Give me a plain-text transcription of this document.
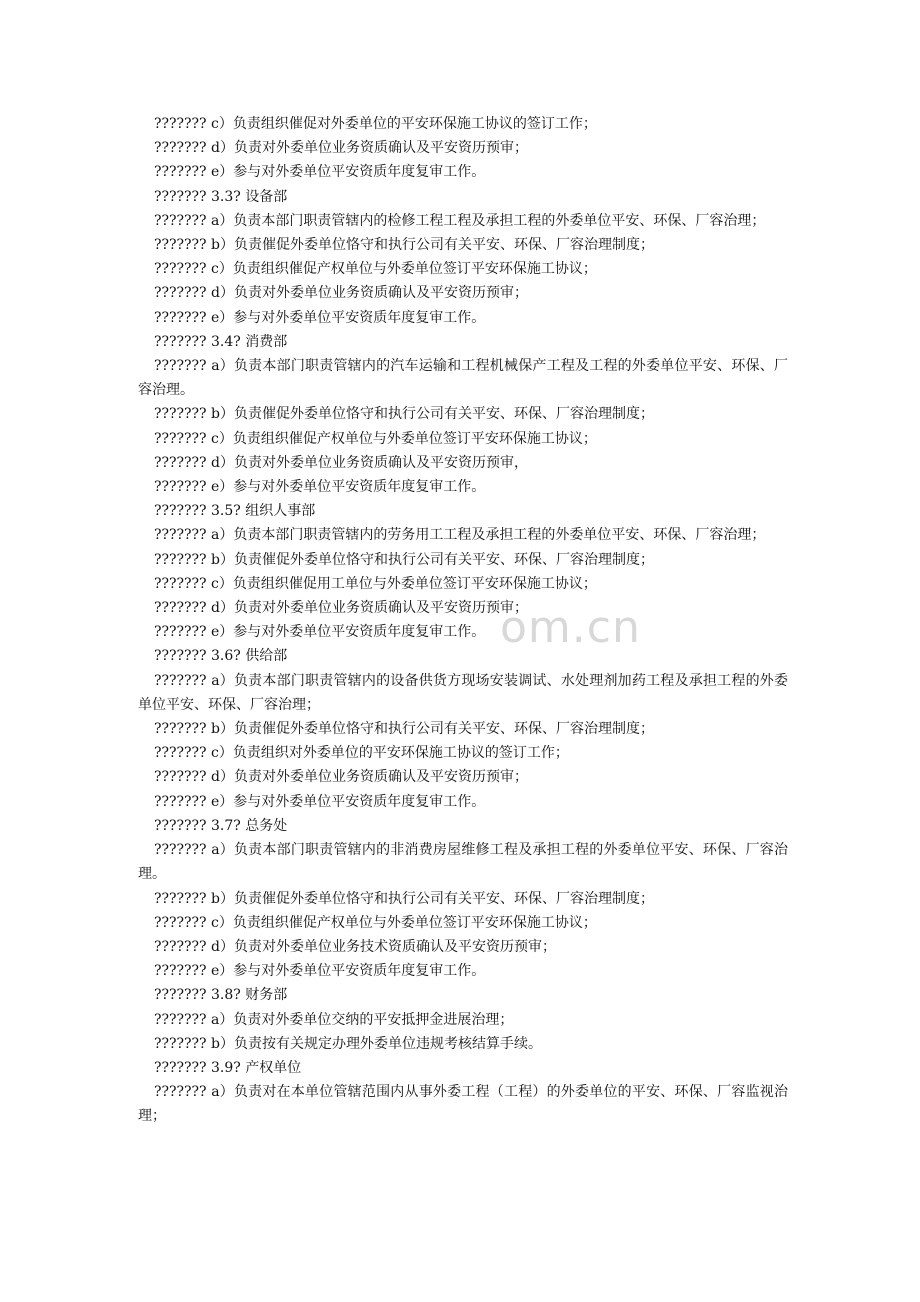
??????? c）负责组织催促对外委单位的平安环保施工协议的签订工作；

??????? d）负责对外委单位业务资质确认及平安资历预审；

??????? e）参与对外委单位平安资质年度复审工作。

??????? 3.3? 设备部

??????? a）负责本部门职责管辖内的检修工程工程及承担工程的外委单位平安、环保、厂容治理；

??????? b）负责催促外委单位恪守和执行公司有关平安、环保、厂容治理制度；

??????? c）负责组织催促产权单位与外委单位签订平安环保施工协议；

??????? d）负责对外委单位业务资质确认及平安资历预审；

??????? e）参与对外委单位平安资质年度复审工作。

??????? 3.4? 消费部

??????? a）负责本部门职责管辖内的汽车运输和工程机械保产工程及工程的外委单位平安、环保、厂容治理。

??????? b）负责催促外委单位恪守和执行公司有关平安、环保、厂容治理制度；

??????? c）负责组织催促产权单位与外委单位签订平安环保施工协议；

??????? d）负责对外委单位业务资质确认及平安资历预审，

??????? e）参与对外委单位平安资质年度复审工作。

??????? 3.5? 组织人事部

??????? a）负责本部门职责管辖内的劳务用工工程及承担工程的外委单位平安、环保、厂容治理；

??????? b）负责催促外委单位恪守和执行公司有关平安、环保、厂容治理制度；

??????? c）负责组织催促用工单位与外委单位签订平安环保施工协议；

??????? d）负责对外委单位业务资质确认及平安资历预审；

??????? e）参与对外委单位平安资质年度复审工作。

??????? 3.6? 供给部

??????? a）负责本部门职责管辖内的设备供货方现场安装调试、水处理剂加药工程及承担工程的外委单位平安、环保、厂容治理；

??????? b）负责催促外委单位恪守和执行公司有关平安、环保、厂容治理制度；

??????? c）负责组织对外委单位的平安环保施工协议的签订工作；

??????? d）负责对外委单位业务资质确认及平安资历预审；

??????? e）参与对外委单位平安资质年度复审工作。

??????? 3.7? 总务处

??????? a）负责本部门职责管辖内的非消费房屋维修工程及承担工程的外委单位平安、环保、厂容治理。

??????? b）负责催促外委单位恪守和执行公司有关平安、环保、厂容治理制度；

??????? c）负责组织催促产权单位与外委单位签订平安环保施工协议；

??????? d）负责对外委单位业务技术资质确认及平安资历预审；

??????? e）参与对外委单位平安资质年度复审工作。

??????? 3.8? 财务部

??????? a）负责对外委单位交纳的平安抵押金进展治理；

??????? b）负责按有关规定办理外委单位违规考核结算手续。

??????? 3.9? 产权单位

??????? a）负责对在本单位管辖范围内从事外委工程（工程）的外委单位的平安、环保、厂容监视治理；

om.cn
